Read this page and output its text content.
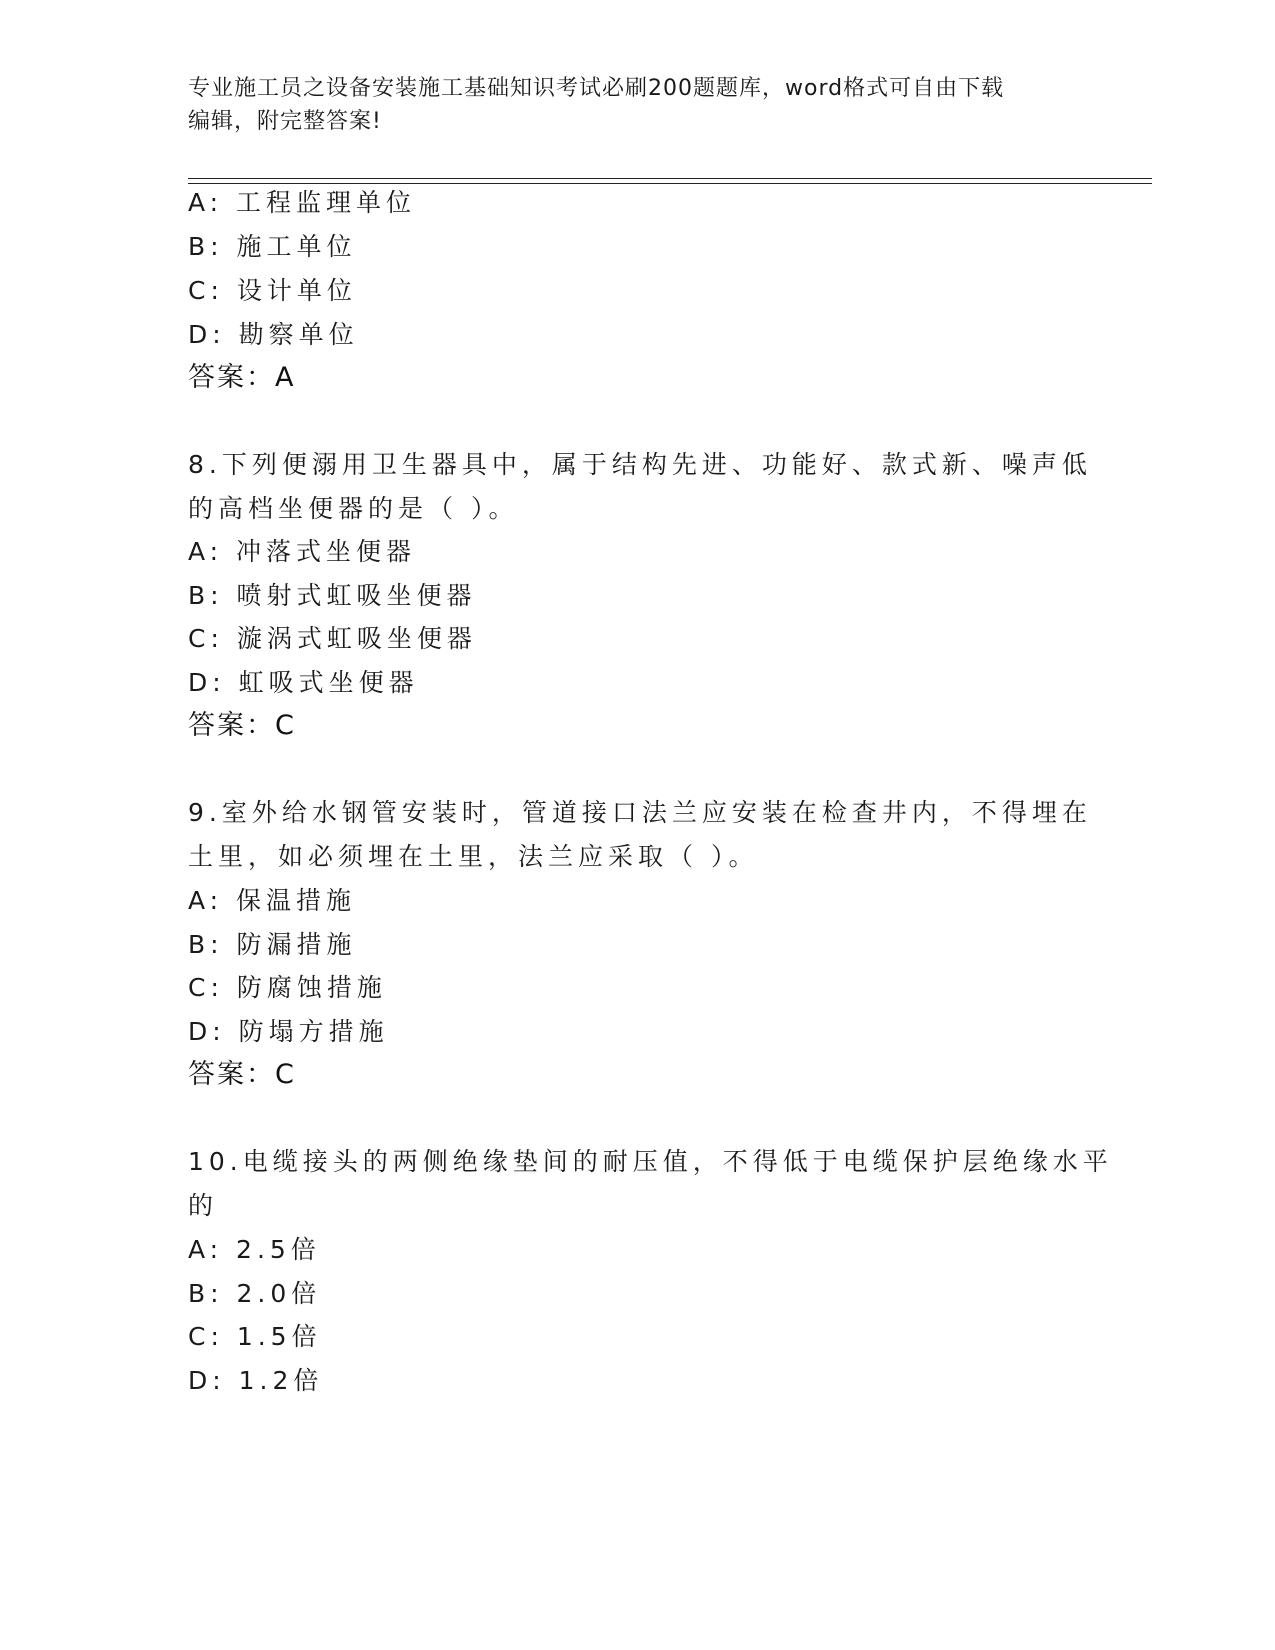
专业施工员之设备安装施工基础知识考试必刷200题题库，word格式可自由下载
编辑，附完整答案!
A: 工程监理单位
B: 施工单位
C: 设计单位
D: 勘察单位
答案：A
8.下列便溺用卫生器具中，属于结构先进、功能好、款式新、噪声低
的高档坐便器的是（ ）。
A: 冲落式坐便器
B: 喷射式虹吸坐便器
C: 漩涡式虹吸坐便器
D: 虹吸式坐便器
答案：C
9.室外给水钢管安装时，管道接口法兰应安装在检查井内，不得埋在
土里，如必须埋在土里，法兰应采取（ ）。
A: 保温措施
B: 防漏措施
C: 防腐蚀措施
D: 防塌方措施
答案：C
10.电缆接头的两侧绝缘垫间的耐压值，不得低于电缆保护层绝缘水平
的
A: 2.5倍
B: 2.0倍
C: 1.5倍
D: 1.2倍
